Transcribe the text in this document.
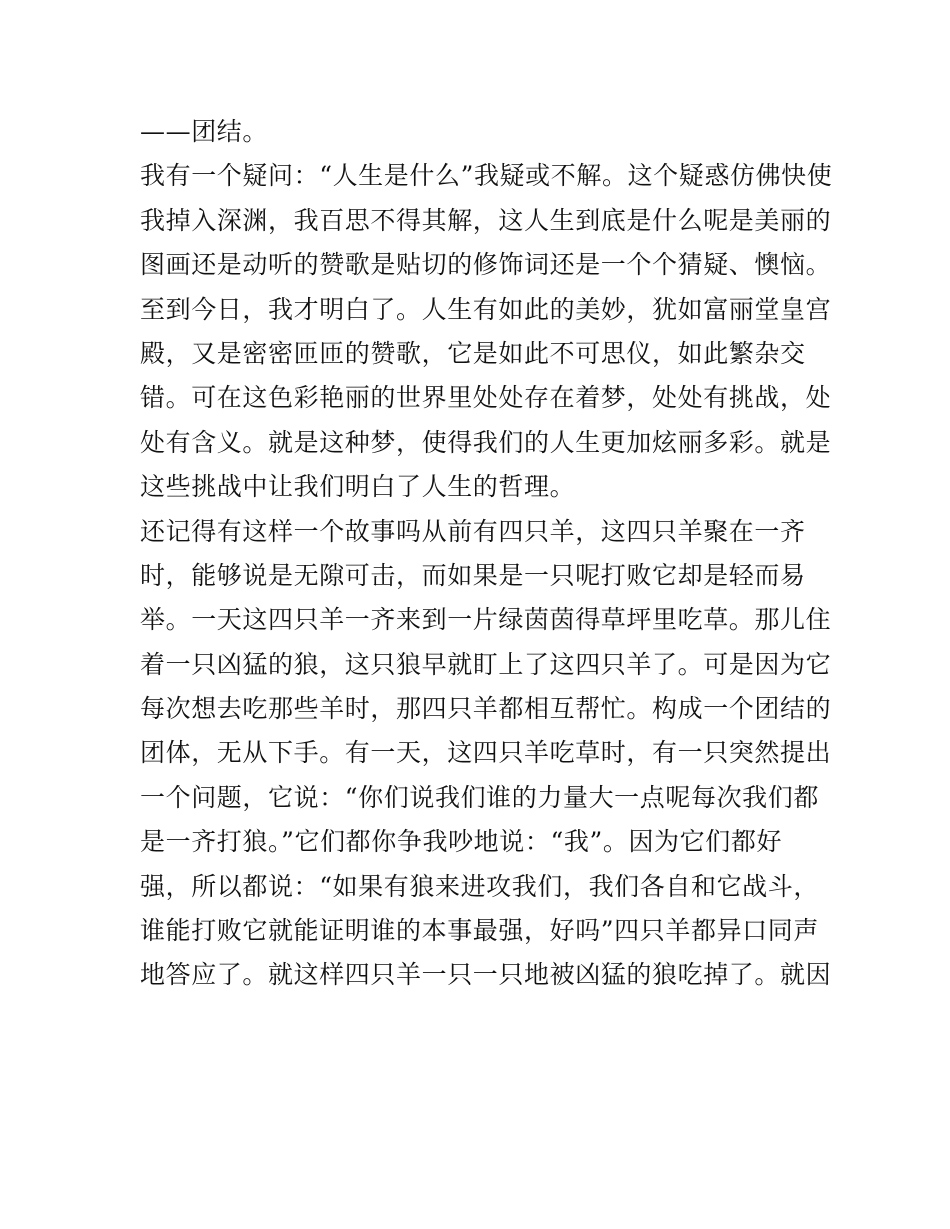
——团结。
我有一个疑问：“人生是什么”我疑或不解。这个疑惑仿佛快使
我掉入深渊，我百思不得其解，这人生到底是什么呢是美丽的
图画还是动听的赞歌是贴切的修饰词还是一个个猜疑、懊恼。
至到今日，我才明白了。人生有如此的美妙，犹如富丽堂皇宫
殿，又是密密匝匝的赞歌，它是如此不可思仪，如此繁杂交
错。可在这色彩艳丽的世界里处处存在着梦，处处有挑战，处
处有含义。就是这种梦，使得我们的人生更加炫丽多彩。就是
这些挑战中让我们明白了人生的哲理。
还记得有这样一个故事吗从前有四只羊，这四只羊聚在一齐
时，能够说是无隙可击，而如果是一只呢打败它却是轻而易
举。一天这四只羊一齐来到一片绿茵茵得草坪里吃草。那儿住
着一只凶猛的狼，这只狼早就盯上了这四只羊了。可是因为它
每次想去吃那些羊时，那四只羊都相互帮忙。构成一个团结的
团体，无从下手。有一天，这四只羊吃草时，有一只突然提出
一个问题，它说：“你们说我们谁的力量大一点呢每次我们都
是一齐打狼。”它们都你争我吵地说：“我”。因为它们都好
强，所以都说：“如果有狼来进攻我们，我们各自和它战斗，
谁能打败它就能证明谁的本事最强，好吗”四只羊都异口同声
地答应了。就这样四只羊一只一只地被凶猛的狼吃掉了。就因
